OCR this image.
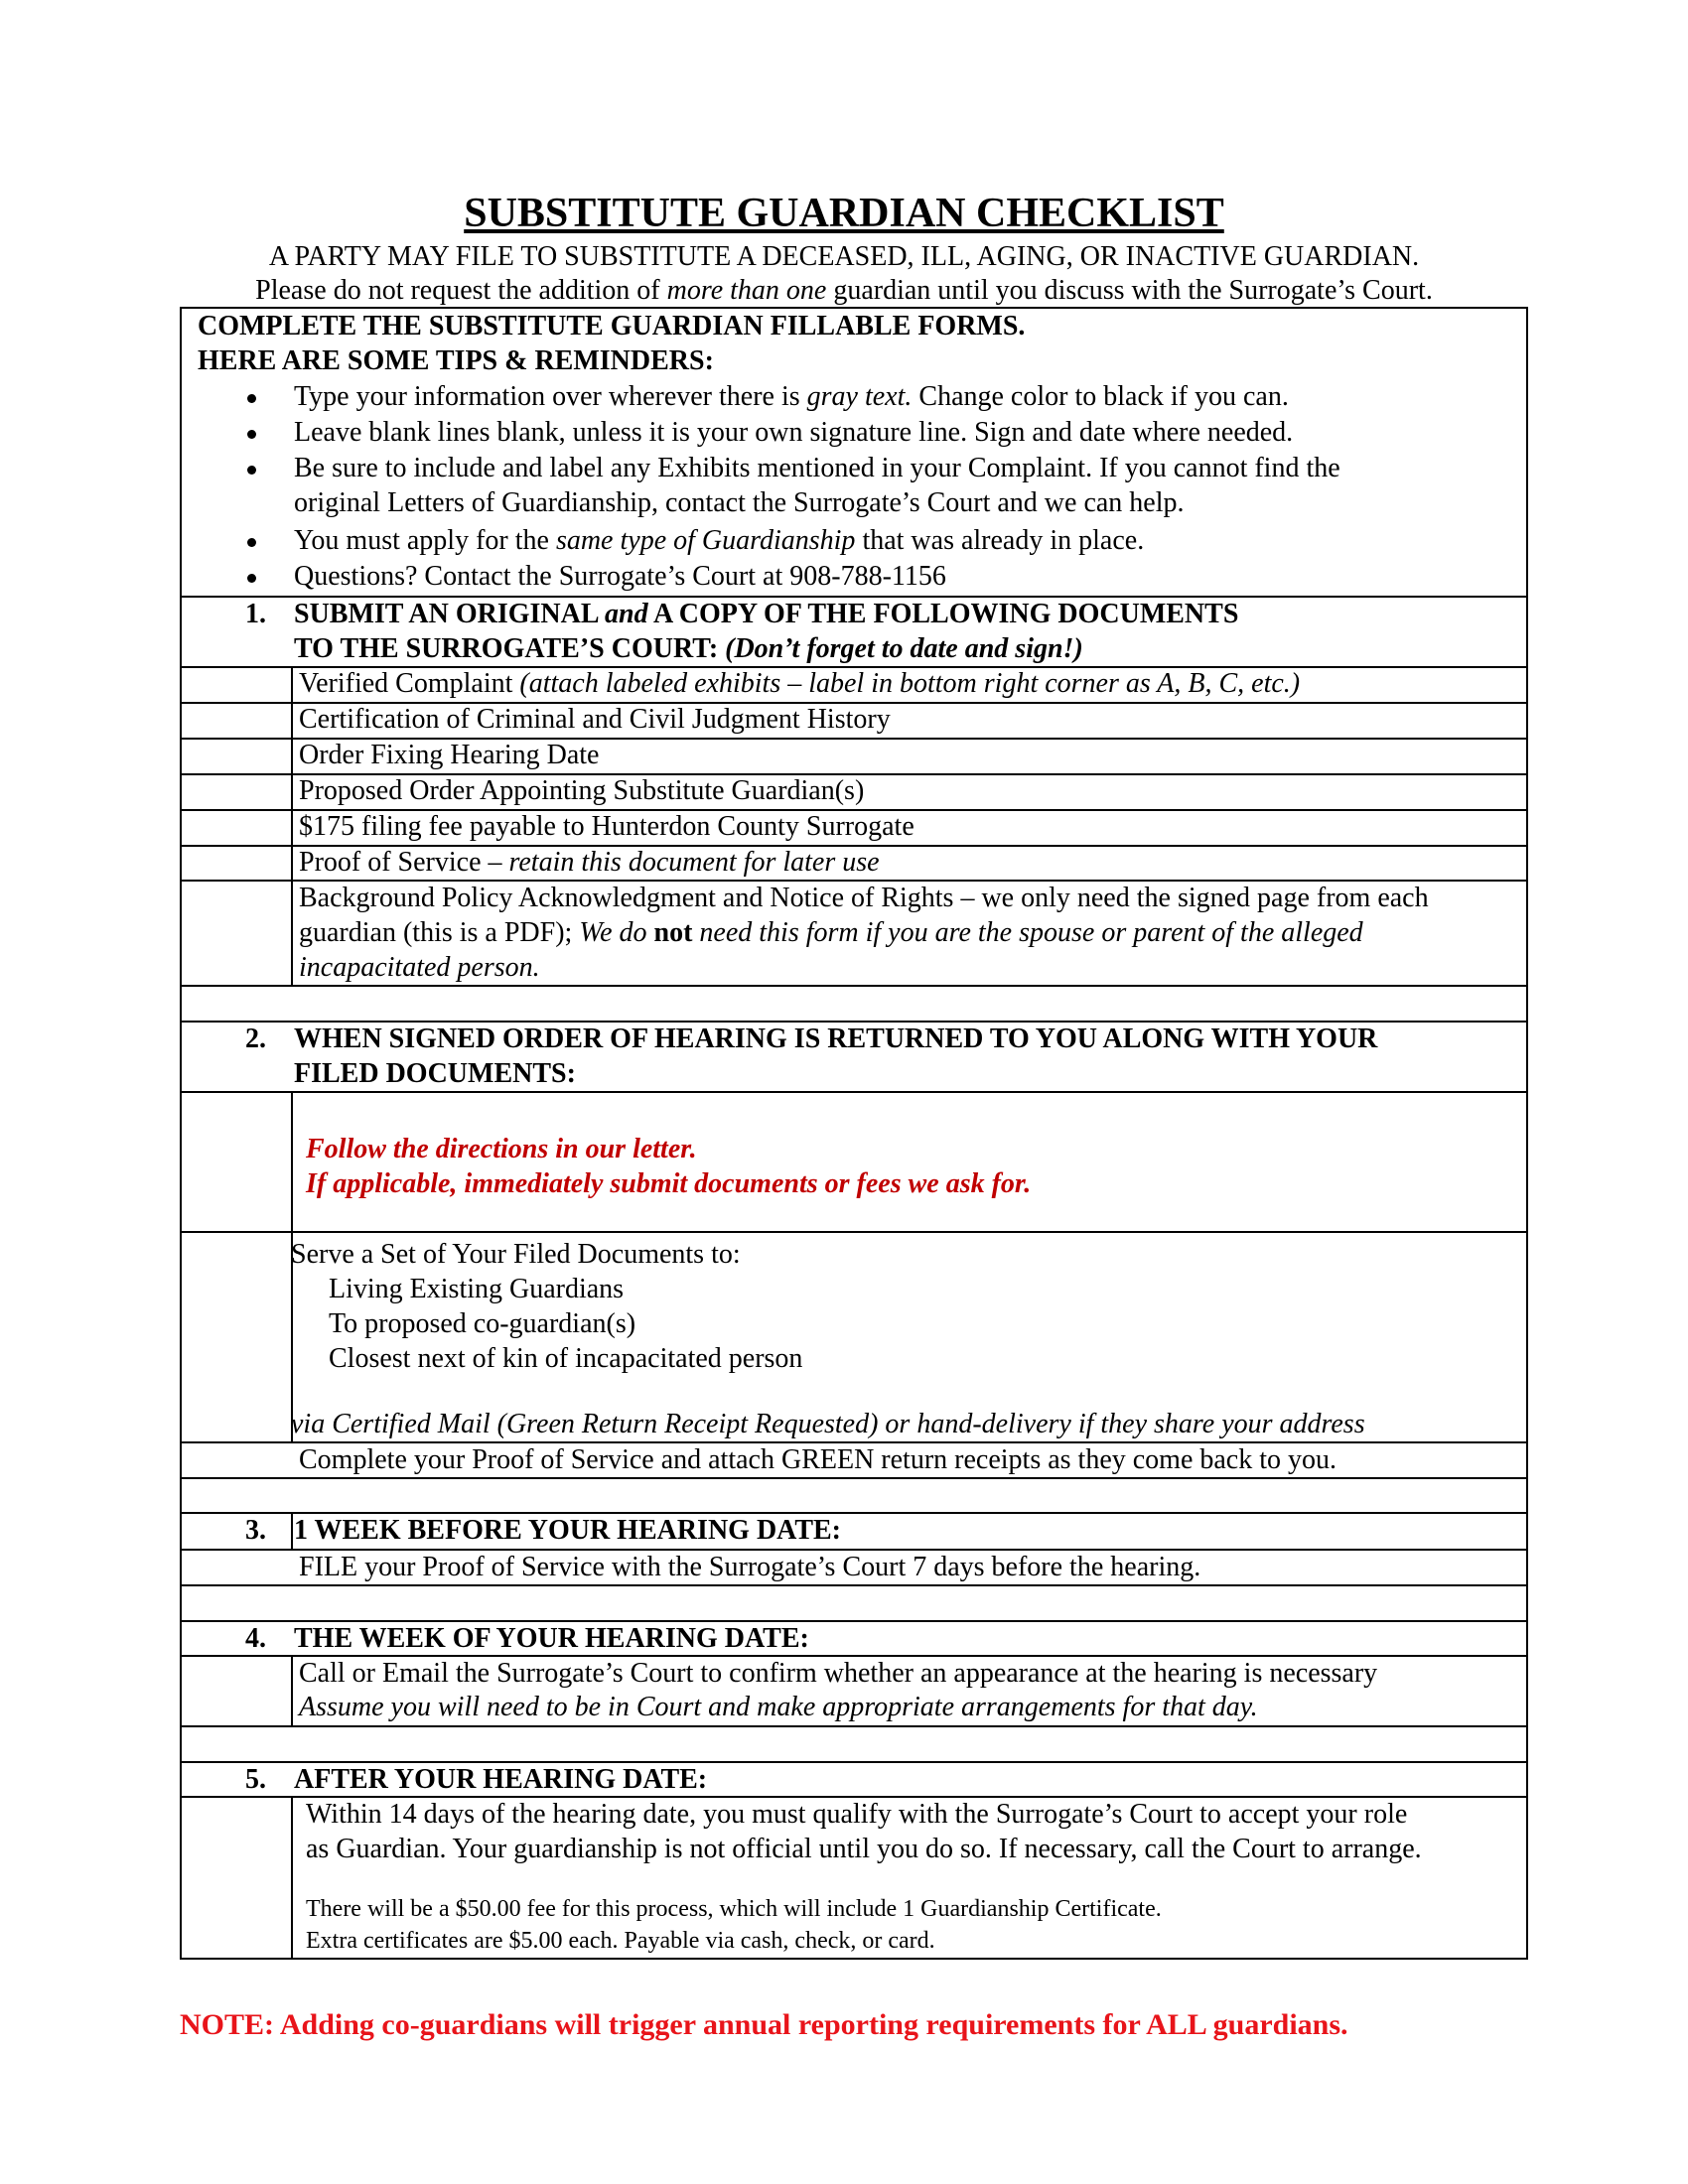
SUBSTITUTE GUARDIAN CHECKLIST

A PARTY MAY FILE TO SUBSTITUTE A DECEASED, ILL, AGING, OR INACTIVE GUARDIAN.

Please do not request the addition of more than one guardian until you discuss with the Surrogate’s Court.

COMPLETE THE SUBSTITUTE GUARDIAN FILLABLE FORMS.

HERE ARE SOME TIPS & REMINDERS:

Type your information over wherever there is gray text. Change color to black if you can.

Leave blank lines blank, unless it is your own signature line. Sign and date where needed.

Be sure to include and label any Exhibits mentioned in your Complaint. If you cannot find the

original Letters of Guardianship, contact the Surrogate’s Court and we can help.

You must apply for the same type of Guardianship that was already in place.

Questions? Contact the Surrogate’s Court at 908-788-1156

1. SUBMIT AN ORIGINAL and A COPY OF THE FOLLOWING DOCUMENTS

TO THE SURROGATE’S COURT: (Don’t forget to date and sign!)

Verified Complaint (attach labeled exhibits – label in bottom right corner as A, B, C, etc.)

Certification of Criminal and Civil Judgment History

Order Fixing Hearing Date

Proposed Order Appointing Substitute Guardian(s)

$175 filing fee payable to Hunterdon County Surrogate

Proof of Service – retain this document for later use

Background Policy Acknowledgment and Notice of Rights – we only need the signed page from each

guardian (this is a PDF); We do not need this form if you are the spouse or parent of the alleged

incapacitated person.

2. WHEN SIGNED ORDER OF HEARING IS RETURNED TO YOU ALONG WITH YOUR

FILED DOCUMENTS:

Follow the directions in our letter.

If applicable, immediately submit documents or fees we ask for.

Serve a Set of Your Filed Documents to:

Living Existing Guardians

To proposed co-guardian(s)

Closest next of kin of incapacitated person

via Certified Mail (Green Return Receipt Requested) or hand-delivery if they share your address

Complete your Proof of Service and attach GREEN return receipts as they come back to you.

3. 1 WEEK BEFORE YOUR HEARING DATE:

FILE your Proof of Service with the Surrogate’s Court 7 days before the hearing.

4. THE WEEK OF YOUR HEARING DATE:

Call or Email the Surrogate’s Court to confirm whether an appearance at the hearing is necessary

Assume you will need to be in Court and make appropriate arrangements for that day.

5. AFTER YOUR HEARING DATE:

Within 14 days of the hearing date, you must qualify with the Surrogate’s Court to accept your role

as Guardian. Your guardianship is not official until you do so. If necessary, call the Court to arrange.

There will be a $50.00 fee for this process, which will include 1 Guardianship Certificate.

Extra certificates are $5.00 each. Payable via cash, check, or card.

NOTE: Adding co-guardians will trigger annual reporting requirements for ALL guardians.
